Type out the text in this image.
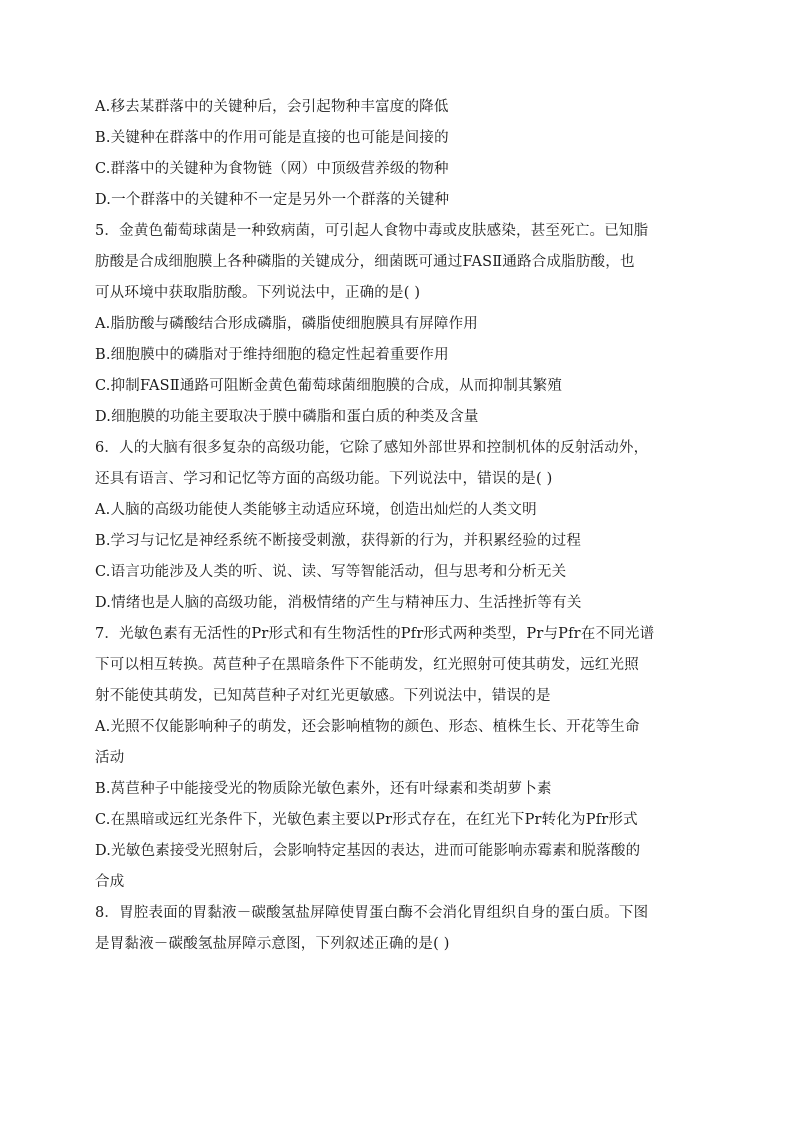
A.移去某群落中的关键种后，会引起物种丰富度的降低
B.关键种在群落中的作用可能是直接的也可能是间接的
C.群落中的关键种为食物链（网）中顶级营养级的物种
D.一个群落中的关键种不一定是另外一个群落的关键种
5．金黄色葡萄球菌是一种致病菌，可引起人食物中毒或皮肤感染，甚至死亡。已知脂
肪酸是合成细胞膜上各种磷脂的关键成分，细菌既可通过FASⅡ通路合成脂肪酸，也
可从环境中获取脂肪酸。下列说法中，正确的是( )
A.脂肪酸与磷酸结合形成磷脂，磷脂使细胞膜具有屏障作用
B.细胞膜中的磷脂对于维持细胞的稳定性起着重要作用
C.抑制FASⅡ通路可阻断金黄色葡萄球菌细胞膜的合成，从而抑制其繁殖
D.细胞膜的功能主要取决于膜中磷脂和蛋白质的种类及含量
6．人的大脑有很多复杂的高级功能，它除了感知外部世界和控制机体的反射活动外，
还具有语言、学习和记忆等方面的高级功能。下列说法中，错误的是( )
A.人脑的高级功能使人类能够主动适应环境，创造出灿烂的人类文明
B.学习与记忆是神经系统不断接受刺激，获得新的行为，并积累经验的过程
C.语言功能涉及人类的听、说、读、写等智能活动，但与思考和分析无关
D.情绪也是人脑的高级功能，消极情绪的产生与精神压力、生活挫折等有关
7．光敏色素有无活性的Pr形式和有生物活性的Pfr形式两种类型，Pr与Pfr在不同光谱
下可以相互转换。莴苣种子在黑暗条件下不能萌发，红光照射可使其萌发，远红光照
射不能使其萌发，已知莴苣种子对红光更敏感。下列说法中，错误的是
A.光照不仅能影响种子的萌发，还会影响植物的颜色、形态、植株生长、开花等生命
活动
B.莴苣种子中能接受光的物质除光敏色素外，还有叶绿素和类胡萝卜素
C.在黑暗或远红光条件下，光敏色素主要以Pr形式存在，在红光下Pr转化为Pfr形式
D.光敏色素接受光照射后，会影响特定基因的表达，进而可能影响赤霉素和脱落酸的
合成
8．胃腔表面的胃黏液－碳酸氢盐屏障使胃蛋白酶不会消化胃组织自身的蛋白质。下图
是胃黏液－碳酸氢盐屏障示意图，下列叙述正确的是( )
